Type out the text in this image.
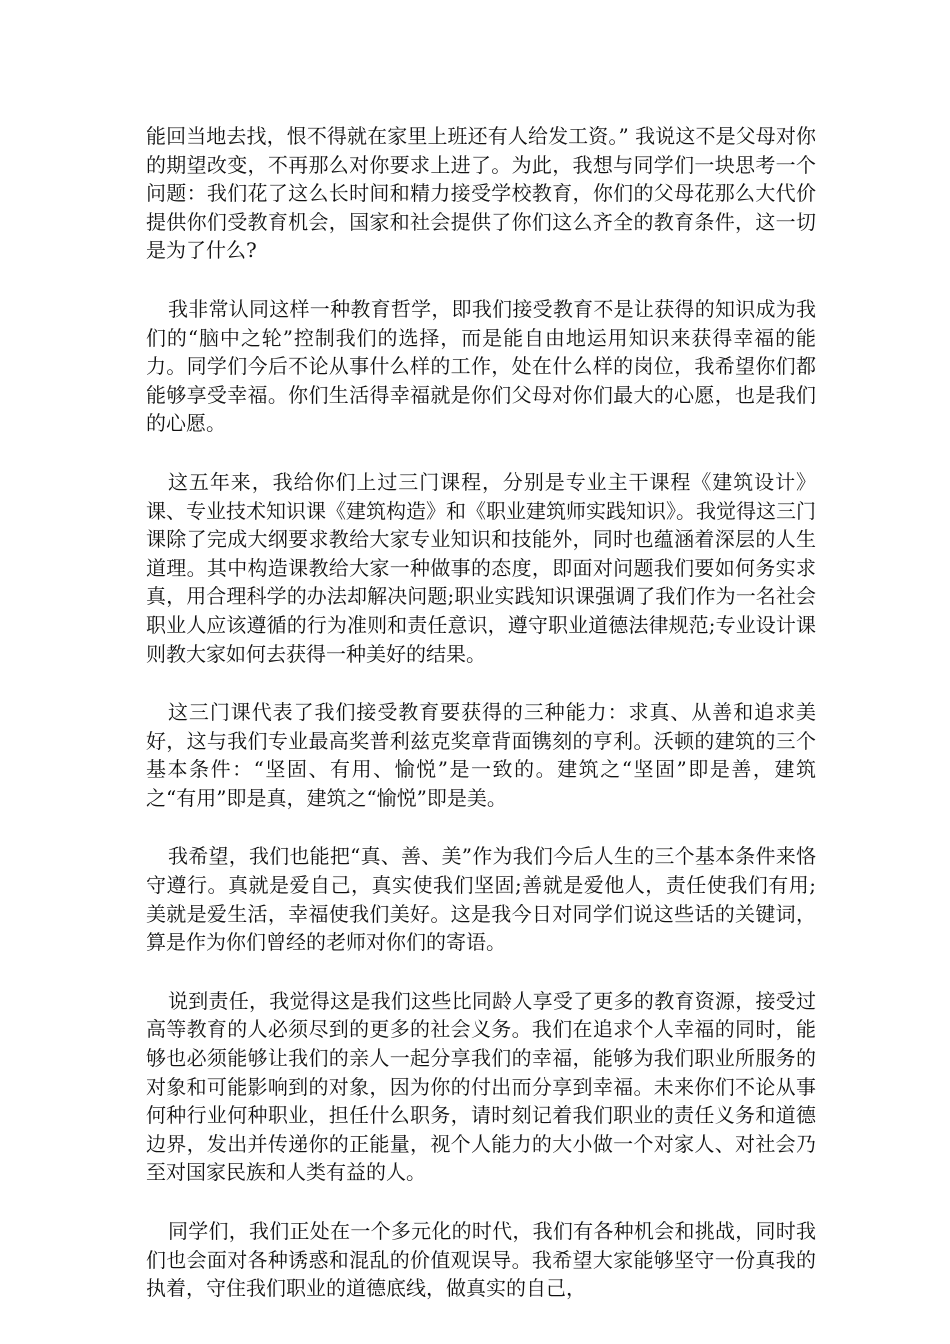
能回当地去找，恨不得就在家里上班还有人给发工资。” 我说这不是父母对你的期望改变，不再那么对你要求上进了。为此，我想与同学们一块思考一个问题：我们花了这么长时间和精力接受学校教育，你们的父母花那么大代价提供你们受教育机会，国家和社会提供了你们这么齐全的教育条件，这一切是为了什么?

我非常认同这样一种教育哲学，即我们接受教育不是让获得的知识成为我们的“脑中之轮”控制我们的选择，而是能自由地运用知识来获得幸福的能力。同学们今后不论从事什么样的工作，处在什么样的岗位，我希望你们都能够享受幸福。你们生活得幸福就是你们父母对你们最大的心愿，也是我们的心愿。

这五年来，我给你们上过三门课程，分别是专业主干课程《建筑设计》课、专业技术知识课《建筑构造》和《职业建筑师实践知识》。我觉得这三门课除了完成大纲要求教给大家专业知识和技能外，同时也蕴涵着深层的人生道理。其中构造课教给大家一种做事的态度，即面对问题我们要如何务实求真，用合理科学的办法却解决问题;职业实践知识课强调了我们作为一名社会职业人应该遵循的行为准则和责任意识，遵守职业道德法律规范;专业设计课则教大家如何去获得一种美好的结果。

这三门课代表了我们接受教育要获得的三种能力：求真、从善和追求美好，这与我们专业最高奖普利兹克奖章背面镌刻的亨利。沃顿的建筑的三个基本条件：“坚固、有用、愉悦”是一致的。建筑之“坚固”即是善，建筑之“有用”即是真，建筑之“愉悦”即是美。

我希望，我们也能把“真、善、美”作为我们今后人生的三个基本条件来恪守遵行。真就是爱自己，真实使我们坚固;善就是爱他人，责任使我们有用;美就是爱生活，幸福使我们美好。这是我今日对同学们说这些话的关键词，算是作为你们曾经的老师对你们的寄语。

说到责任，我觉得这是我们这些比同龄人享受了更多的教育资源，接受过高等教育的人必须尽到的更多的社会义务。我们在追求个人幸福的同时，能够也必须能够让我们的亲人一起分享我们的幸福，能够为我们职业所服务的对象和可能影响到的对象，因为你的付出而分享到幸福。未来你们不论从事何种行业何种职业，担任什么职务，请时刻记着我们职业的责任义务和道德边界，发出并传递你的正能量，视个人能力的大小做一个对家人、对社会乃至对国家民族和人类有益的人。

同学们，我们正处在一个多元化的时代，我们有各种机会和挑战，同时我们也会面对各种诱惑和混乱的价值观误导。我希望大家能够坚守一份真我的执着，守住我们职业的道德底线，做真实的自己，
